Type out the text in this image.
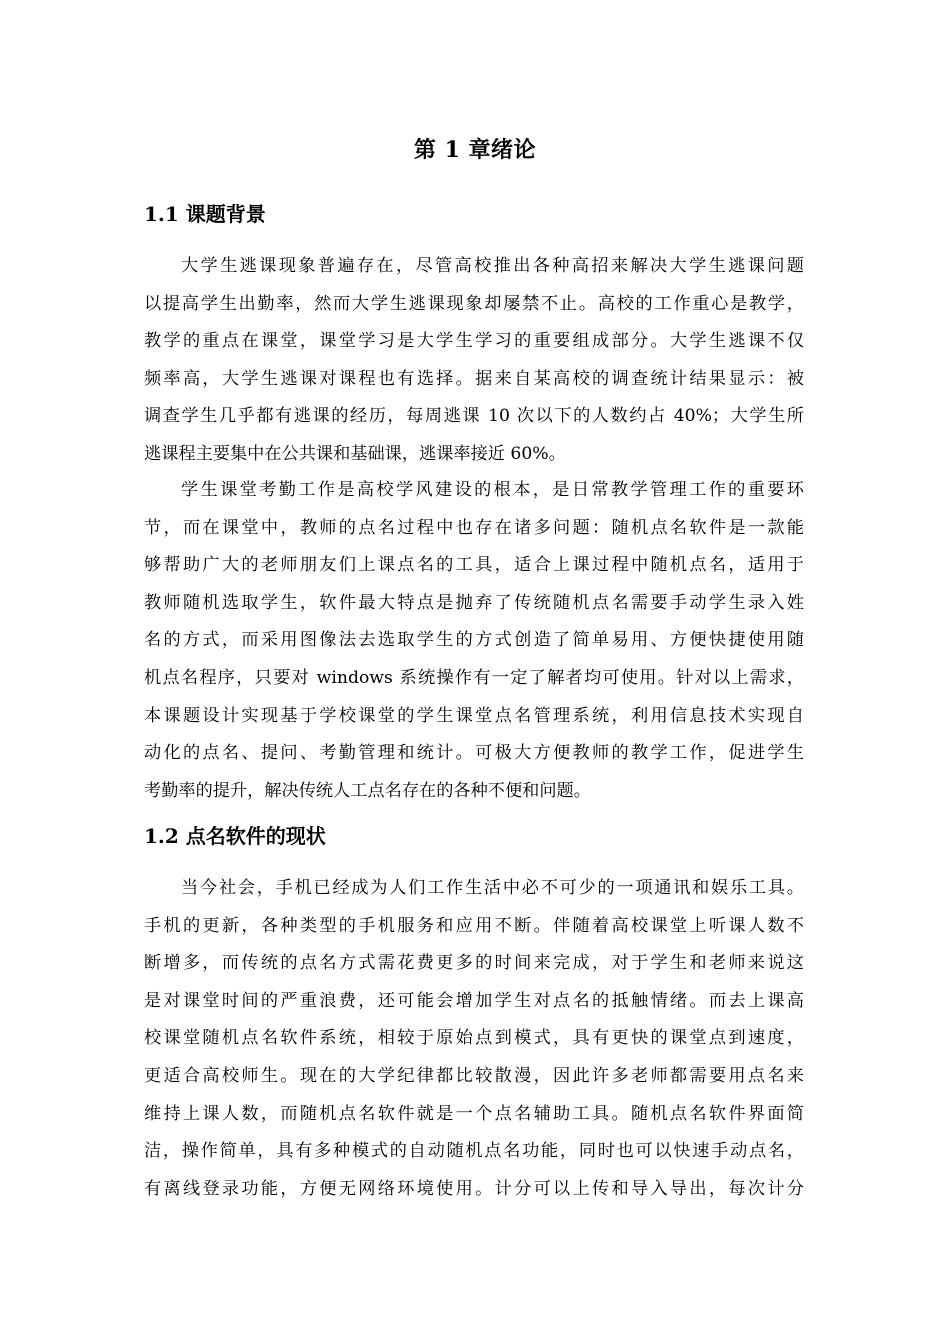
第 1 章绪论
1.1 课题背景
大学生逃课现象普遍存在，尽管高校推出各种高招来解决大学生逃课问题
以提高学生出勤率，然而大学生逃课现象却屡禁不止。高校的工作重心是教学，
教学的重点在课堂，课堂学习是大学生学习的重要组成部分。大学生逃课不仅
频率高，大学生逃课对课程也有选择。据来自某高校的调查统计结果显示：被
调查学生几乎都有逃课的经历，每周逃课 10 次以下的人数约占 40%；大学生所
逃课程主要集中在公共课和基础课，逃课率接近 60%。
学生课堂考勤工作是高校学风建设的根本，是日常教学管理工作的重要环
节，而在课堂中，教师的点名过程中也存在诸多问题：随机点名软件是一款能
够帮助广大的老师朋友们上课点名的工具，适合上课过程中随机点名，适用于
教师随机选取学生，软件最大特点是抛弃了传统随机点名需要手动学生录入姓
名的方式，而采用图像法去选取学生的方式创造了简单易用、方便快捷使用随
机点名程序，只要对 windows 系统操作有一定了解者均可使用。针对以上需求，
本课题设计实现基于学校课堂的学生课堂点名管理系统，利用信息技术实现自
动化的点名、提问、考勤管理和统计。可极大方便教师的教学工作，促进学生
考勤率的提升，解决传统人工点名存在的各种不便和问题。
1.2 点名软件的现状
当今社会，手机已经成为人们工作生活中必不可少的一项通讯和娱乐工具。
手机的更新，各种类型的手机服务和应用不断。伴随着高校课堂上听课人数不
断增多，而传统的点名方式需花费更多的时间来完成，对于学生和老师来说这
是对课堂时间的严重浪费，还可能会增加学生对点名的抵触情绪。而去上课高
校课堂随机点名软件系统，相较于原始点到模式，具有更快的课堂点到速度，
更适合高校师生。现在的大学纪律都比较散漫，因此许多老师都需要用点名来
维持上课人数，而随机点名软件就是一个点名辅助工具。随机点名软件界面简
洁，操作简单，具有多种模式的自动随机点名功能，同时也可以快速手动点名，
有离线登录功能，方便无网络环境使用。计分可以上传和导入导出，每次计分
